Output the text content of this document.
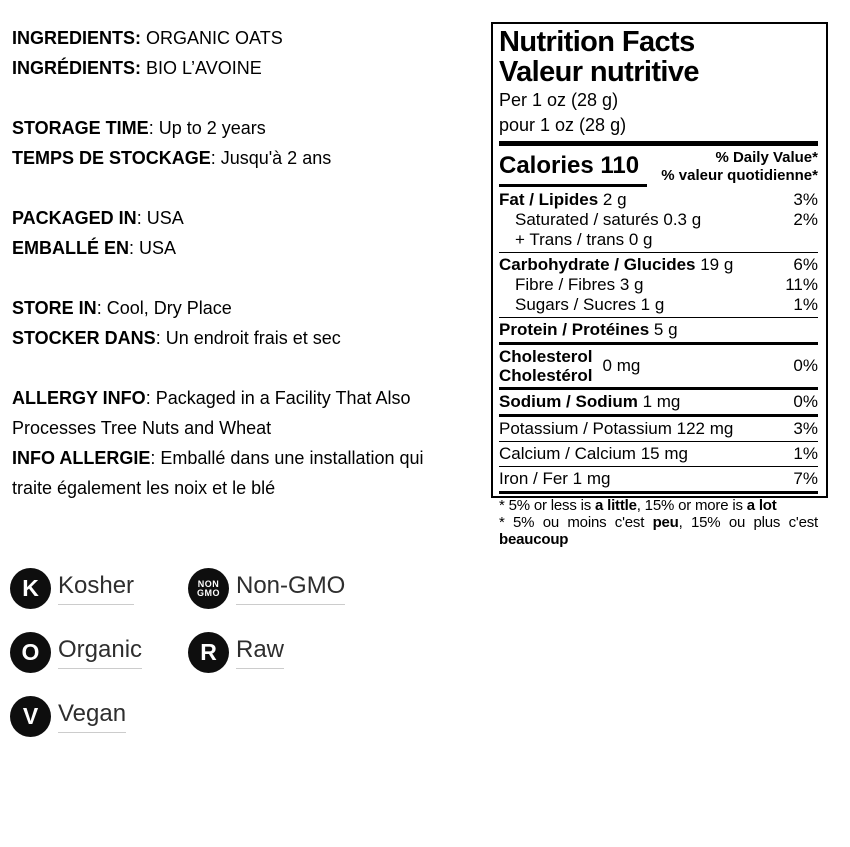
INGREDIENTS: ORGANIC OATS
INGRÉDIENTS: BIO L’AVOINE
STORAGE TIME: Up to 2 years
TEMPS DE STOCKAGE: Jusqu'à 2 ans
PACKAGED IN: USA
EMBALLÉ EN: USA
STORE IN: Cool, Dry Place
STOCKER DANS: Un endroit frais et sec
ALLERGY INFO: Packaged in a Facility That Also Processes Tree Nuts and Wheat
INFO ALLERGIE: Emballé dans une installation qui traite également les noix et le blé
Nutrition Facts
Valeur nutritive
Per 1 oz (28 g)
pour 1 oz (28 g)
Calories 110	% Daily Value*
% valeur quotidienne*
Fat / Lipides 2 g	3%
Saturated / saturés 0.3 g	2%
+ Trans / trans 0 g
Carbohydrate / Glucides 19 g	6%
Fibre / Fibres 3 g	11%
Sugars / Sucres 1 g	1%
Protein / Protéines 5 g
Cholesterol
Cholestérol
0 mg	0%
Sodium / Sodium 1 mg	0%
Potassium / Potassium 122 mg	3%
Calcium / Calcium 15 mg	1%
Iron / Fer 1 mg	7%
* 5% or less is a little, 15% or more is a lot
* 5% ou moins c'est peu, 15% ou plus c'est beaucoup
K Kosher	NON
GMO Non-GMO
O Organic	R Raw
V Vegan
